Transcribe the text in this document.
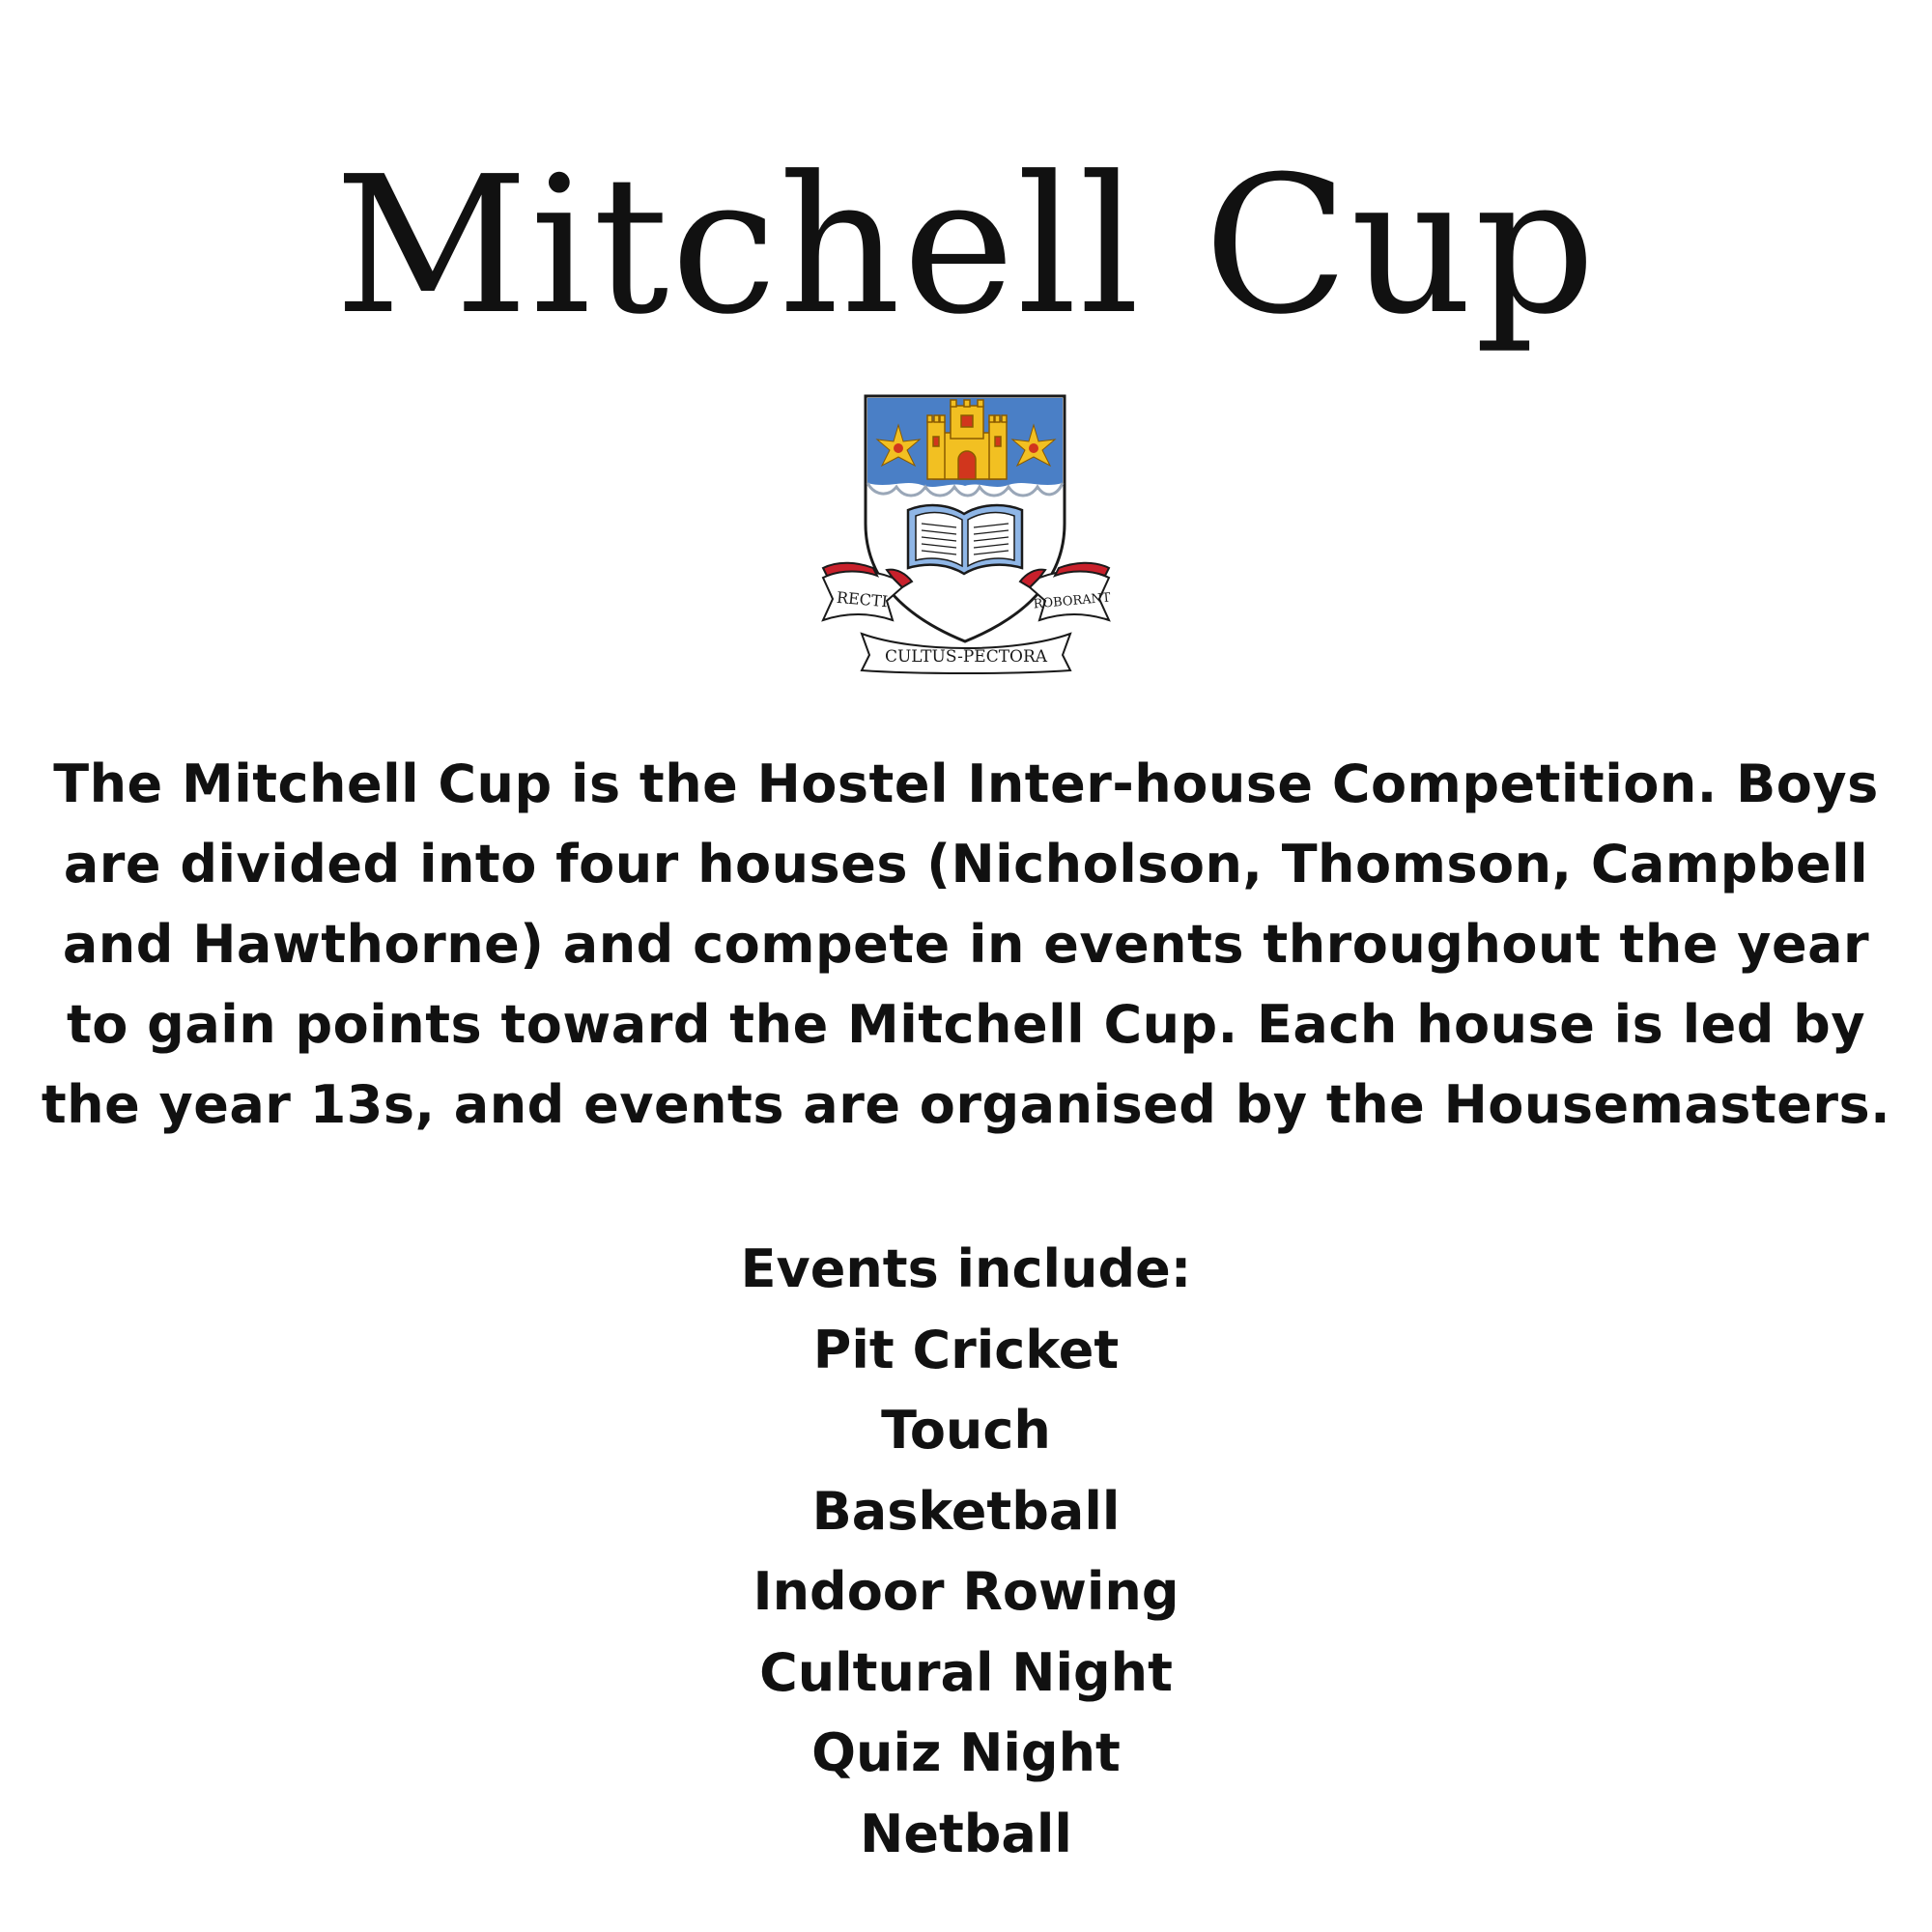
Mitchell Cup
RECTI	ROBORANT
CULTUS-PECTORA
The Mitchell Cup is the Hostel Inter-house Competition. Boys are divided into four houses (Nicholson, Thomson, Campbell and Hawthorne) and compete in events throughout the year to gain points toward the Mitchell Cup. Each house is led by the year 13s, and events are organised by the Housemasters.
Events include:
Pit Cricket
Touch
Basketball
Indoor Rowing
Cultural Night
Quiz Night
Netball
